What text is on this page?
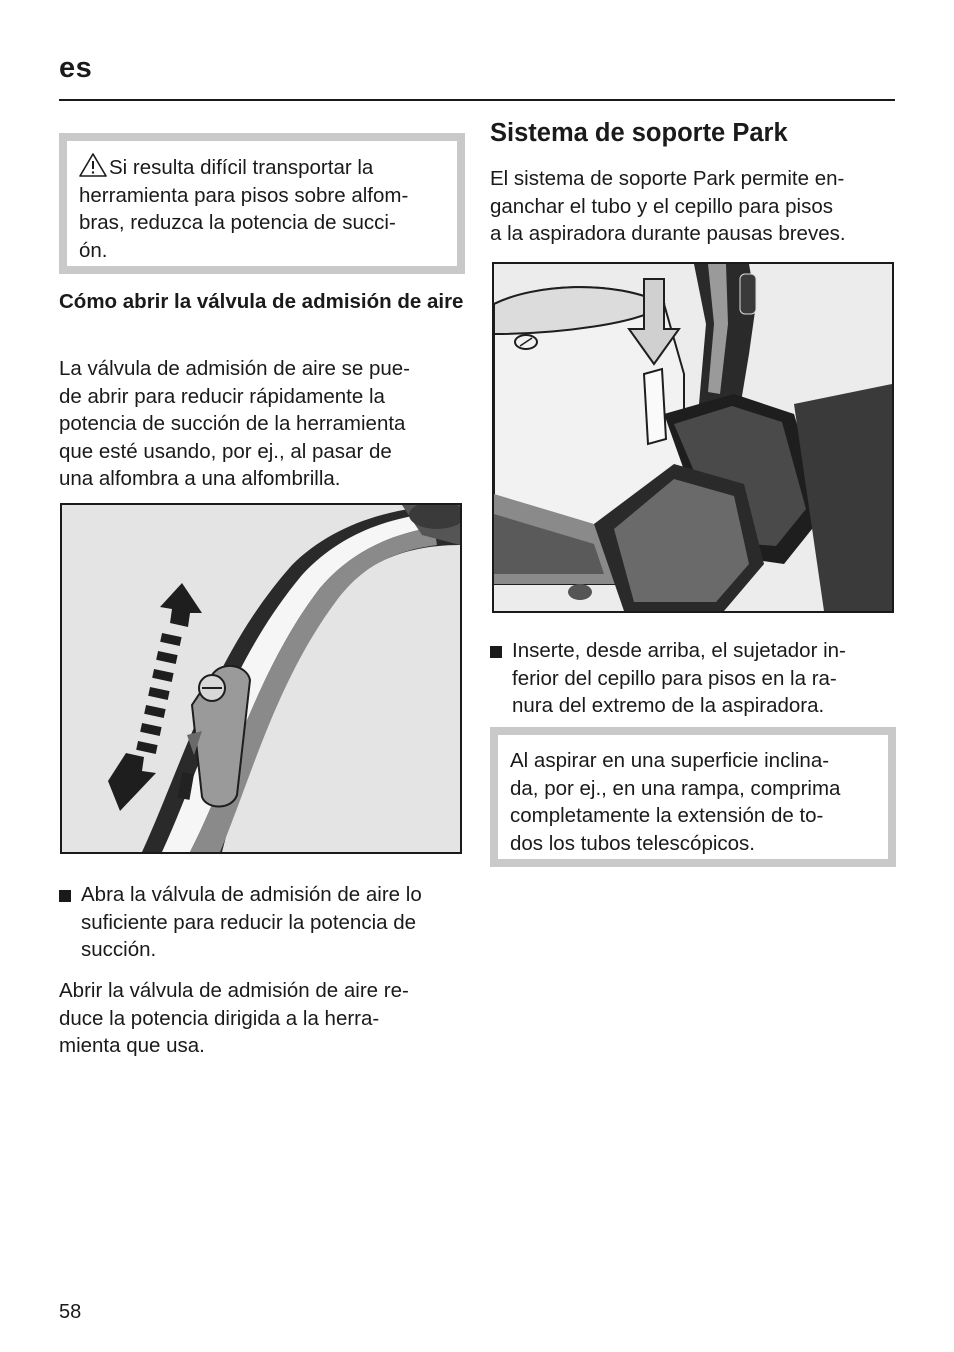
es
Si resulta difícil transportar la
herramienta para pisos sobre alfom-
bras, reduzca la potencia de succi-
ón.
Cómo abrir la válvula de admisión de aire
La válvula de admisión de aire se pue-
de abrir para reducir rápidamente la
potencia de succión de la herramienta
que esté usando, por ej., al pasar de
una alfombra a una alfombrilla.
Abra la válvula de admisión de aire lo
suficiente para reducir la potencia de
succión.
Abrir la válvula de admisión de aire re-
duce la potencia dirigida a la herra-
mienta que usa.
Sistema de soporte Park
El sistema de soporte Park permite en-
ganchar el tubo y el cepillo para pisos
a la aspiradora durante pausas breves.
Inserte, desde arriba, el sujetador in-
ferior del cepillo para pisos en la ra-
nura del extremo de la aspiradora.
Al aspirar en una superficie inclina-
da, por ej., en una rampa, comprima
completamente la extensión de to-
dos los tubos telescópicos.
58
